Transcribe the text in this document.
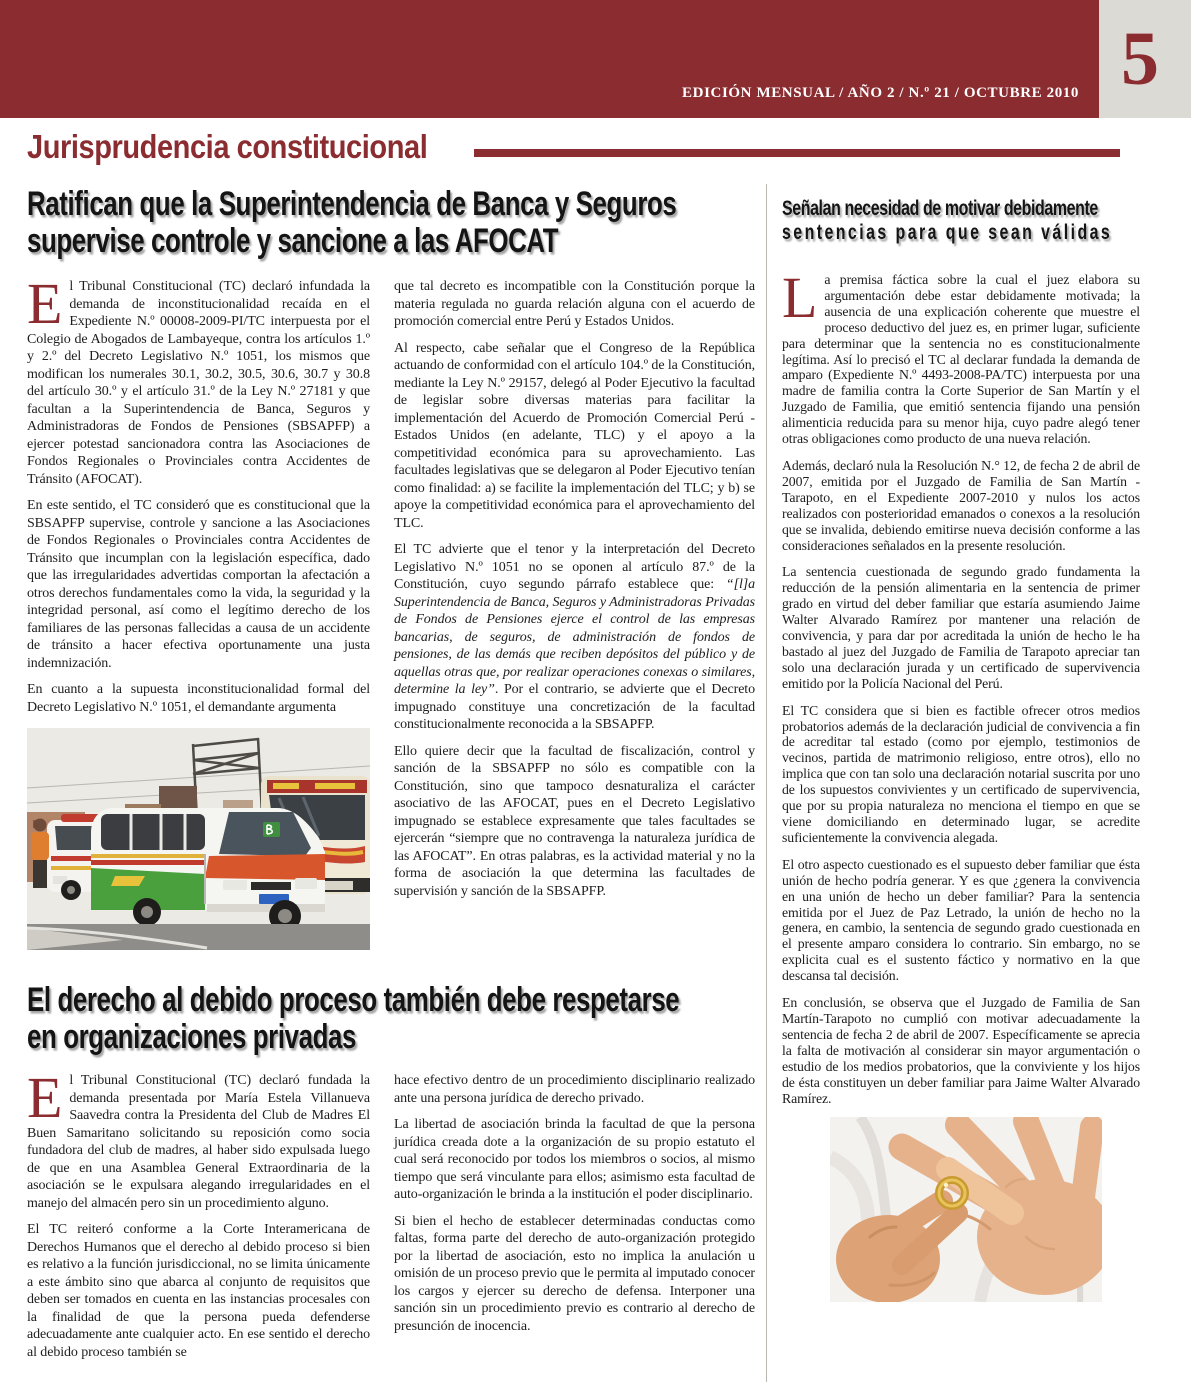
EDICIÓN MENSUAL / AÑO 2 / N.º 21 / OCTUBRE 2010 5
Jurisprudencia constitucional
Ratifican que la Superintendencia de Banca y Seguros
supervise controle y sancione a las AFOCAT

El Tribunal Constitucional (TC) declaró infundada la demanda de inconstitucionalidad recaída en el Expediente N.º 00008-2009-PI/TC interpuesta por el Colegio de Abogados de Lambayeque, contra los artículos 1.º y 2.º del Decreto Legislativo N.º 1051, los mismos que modifican los numerales 30.1, 30.2, 30.5, 30.6, 30.7 y 30.8 del artículo 30.º y el artículo 31.º de la Ley N.º 27181 y que facultan a la Superintendencia de Banca, Seguros y Administradoras de Fondos de Pensiones (SBSAPFP) a ejercer potestad sancionadora contra las Asociaciones de Fondos Regionales o Provinciales contra Accidentes de Tránsito (AFOCAT).

En este sentido, el TC consideró que es constitucional que la SBSAPFP supervise, controle y sancione a las Asociaciones de Fondos Regionales o Provinciales contra Accidentes de Tránsito que incumplan con la legislación específica, dado que las irregularidades advertidas comportan la afectación a otros derechos fundamentales como la vida, la seguridad y la integridad personal, así como el legítimo derecho de los familiares de las personas fallecidas a causa de un accidente de tránsito a hacer efectiva oportunamente una justa indemnización.

En cuanto a la supuesta inconstitucionalidad formal del Decreto Legislativo N.º 1051, el demandante argumenta

que tal decreto es incompatible con la Constitución porque la materia regulada no guarda relación alguna con el acuerdo de promoción comercial entre Perú y Estados Unidos.

Al respecto, cabe señalar que el Congreso de la República actuando de conformidad con el artículo 104.º de la Constitución, mediante la Ley N.º 29157, delegó al Poder Ejecutivo la facultad de legislar sobre diversas materias para facilitar la implementación del Acuerdo de Promoción Comercial Perú - Estados Unidos (en adelante, TLC) y el apoyo a la competitividad económica para su aprovechamiento. Las facultades legislativas que se delegaron al Poder Ejecutivo tenían como finalidad: a) se facilite la implementación del TLC; y b) se apoye la competitividad económica para el aprovechamiento del TLC.

El TC advierte que el tenor y la interpretación del Decreto Legislativo N.º 1051 no se oponen al artículo 87.º de la Constitución, cuyo segundo párrafo establece que: “[l]a Superintendencia de Banca, Seguros y Administradoras Privadas de Fondos de Pensiones ejerce el control de las empresas bancarias, de seguros, de administración de fondos de pensiones, de las demás que reciben depósitos del público y de aquellas otras que, por realizar operaciones conexas o similares, determine la ley”. Por el contrario, se advierte que el Decreto impugnado constituye una concretización de la facultad constitucionalmente reconocida a la SBSAPFP.

Ello quiere decir que la facultad de fiscalización, control y sanción de la SBSAPFP no sólo es compatible con la Constitución, sino que tampoco desnaturaliza el carácter asociativo de las AFOCAT, pues en el Decreto Legislativo impugnado se establece expresamente que tales facultades se ejercerán “siempre que no contravenga la naturaleza jurídica de las AFOCAT”. En otras palabras, es la actividad material y no la forma de asociación la que determina las facultades de supervisión y sanción de la SBSAPFP.

Señalan necesidad de motivar debidamente
sentencias para que sean válidas

La premisa fáctica sobre la cual el juez elabora su argumentación debe estar debidamente motivada; la ausencia de una explicación coherente que muestre el proceso deductivo del juez es, en primer lugar, suficiente para determinar que la sentencia no es constitucionalmente legítima. Así lo precisó el TC al declarar fundada la demanda de amparo (Expediente N.º 4493-2008-PA/TC) interpuesta por una madre de familia contra la Corte Superior de San Martín y el Juzgado de Familia, que emitió sentencia fijando una pensión alimenticia reducida para su menor hija, cuyo padre alegó tener otras obligaciones como producto de una nueva relación.

Además, declaró nula la Resolución N.° 12, de fecha 2 de abril de 2007, emitida por el Juzgado de Familia de San Martín - Tarapoto, en el Expediente 2007-2010 y nulos los actos realizados con posterioridad emanados o conexos a la resolución que se invalida, debiendo emitirse nueva decisión conforme a las consideraciones señalados en la presente resolución.

La sentencia cuestionada de segundo grado fundamenta la reducción de la pensión alimentaria en la sentencia de primer grado en virtud del deber familiar que estaría asumiendo Jaime Walter Alvarado Ramírez por mantener una relación de convivencia, y para dar por acreditada la unión de hecho le ha bastado al juez del Juzgado de Familia de Tarapoto apreciar tan solo una declaración jurada y un certificado de supervivencia emitido por la Policía Nacional del Perú.

El TC considera que si bien es factible ofrecer otros medios probatorios además de la declaración judicial de convivencia a fin de acreditar tal estado (como por ejemplo, testimonios de vecinos, partida de matrimonio religioso, entre otros), ello no implica que con tan solo una declaración notarial suscrita por uno de los supuestos convivientes y un certificado de supervivencia, que por su propia naturaleza no menciona el tiempo en que se viene domiciliando en determinado lugar, se acredite suficientemente la convivencia alegada.

El otro aspecto cuestionado es el supuesto deber familiar que ésta unión de hecho podría generar. Y es que ¿genera la convivencia en una unión de hecho un deber familiar? Para la sentencia emitida por el Juez de Paz Letrado, la unión de hecho no la genera, en cambio, la sentencia de segundo grado cuestionada en el presente amparo considera lo contrario. Sin embargo, no se explicita cual es el sustento fáctico y normativo en la que descansa tal decisión.

En conclusión, se observa que el Juzgado de Familia de San Martín-Tarapoto no cumplió con motivar adecuadamente la sentencia de fecha 2 de abril de 2007. Específicamente se aprecia la falta de motivación al considerar sin mayor argumentación o estudio de los medios probatorios, que la conviviente y los hijos de ésta constituyen un deber familiar para Jaime Walter Alvarado Ramírez.

El derecho al debido proceso también debe respetarse
en organizaciones privadas

El Tribunal Constitucional (TC) declaró fundada la demanda presentada por María Estela Villanueva Saavedra contra la Presidenta del Club de Madres El Buen Samaritano solicitando su reposición como socia fundadora del club de madres, al haber sido expulsada luego de que en una Asamblea General Extraordinaria de la asociación se le expulsara alegando irregularidades en el manejo del almacén pero sin un procedimiento alguno.

El TC reiteró conforme a la Corte Interamericana de Derechos Humanos que el derecho al debido proceso si bien es relativo a la función jurisdiccional, no se limita únicamente a este ámbito sino que abarca al conjunto de requisitos que deben ser tomados en cuenta en las instancias procesales con la finalidad de que la persona pueda defenderse adecuadamente ante cualquier acto. En ese sentido el derecho al debido proceso también se

hace efectivo dentro de un procedimiento disciplinario realizado ante una persona jurídica de derecho privado.

La libertad de asociación brinda la facultad de que la persona jurídica creada dote a la organización de su propio estatuto el cual será reconocido por todos los miembros o socios, al mismo tiempo que será vinculante para ellos; asimismo esta facultad de auto-organización le brinda a la institución el poder disciplinario.

Si bien el hecho de establecer determinadas conductas como faltas, forma parte del derecho de auto-organización protegido por la libertad de asociación, esto no implica la anulación u omisión de un proceso previo que le permita al imputado conocer los cargos y ejercer su derecho de defensa. Interponer una sanción sin un procedimiento previo es contrario al derecho de presunción de inocencia.
